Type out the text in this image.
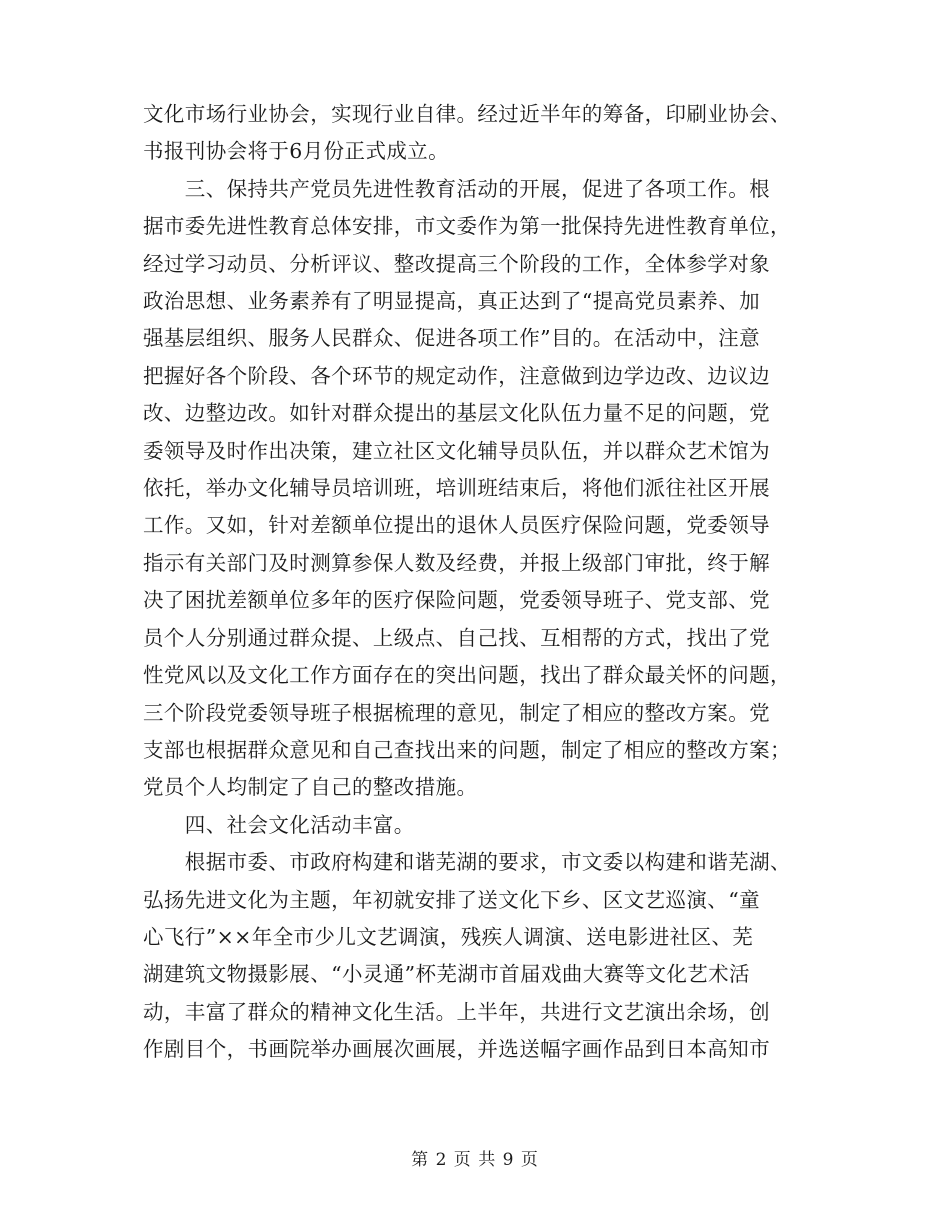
文化市场行业协会，实现行业自律。经过近半年的筹备，印刷业协会、

书报刊协会将于6月份正式成立。

　　三、保持共产党员先进性教育活动的开展，促进了各项工作。根

据市委先进性教育总体安排，市文委作为第一批保持先进性教育单位，

经过学习动员、分析评议、整改提高三个阶段的工作，全体参学对象

政治思想、业务素养有了明显提高，真正达到了“提高党员素养、加

强基层组织、服务人民群众、促进各项工作”目的。在活动中，注意

把握好各个阶段、各个环节的规定动作，注意做到边学边改、边议边

改、边整边改。如针对群众提出的基层文化队伍力量不足的问题，党

委领导及时作出决策，建立社区文化辅导员队伍，并以群众艺术馆为

依托，举办文化辅导员培训班，培训班结束后，将他们派往社区开展

工作。又如，针对差额单位提出的退休人员医疗保险问题，党委领导

指示有关部门及时测算参保人数及经费，并报上级部门审批，终于解

决了困扰差额单位多年的医疗保险问题，党委领导班子、党支部、党

员个人分别通过群众提、上级点、自己找、互相帮的方式，找出了党

性党风以及文化工作方面存在的突出问题，找出了群众最关怀的问题，

三个阶段党委领导班子根据梳理的意见，制定了相应的整改方案。党

支部也根据群众意见和自己查找出来的问题，制定了相应的整改方案；

党员个人均制定了自己的整改措施。

　　四、社会文化活动丰富。

　　根据市委、市政府构建和谐芜湖的要求，市文委以构建和谐芜湖、

弘扬先进文化为主题，年初就安排了送文化下乡、区文艺巡演、“童

心飞行”××年全市少儿文艺调演，残疾人调演、送电影进社区、芜

湖建筑文物摄影展、“小灵通”杯芜湖市首届戏曲大赛等文化艺术活

动，丰富了群众的精神文化生活。上半年，共进行文艺演出余场，创

作剧目个，书画院举办画展次画展，并选送幅字画作品到日本高知市

第 2 页 共 9 页
